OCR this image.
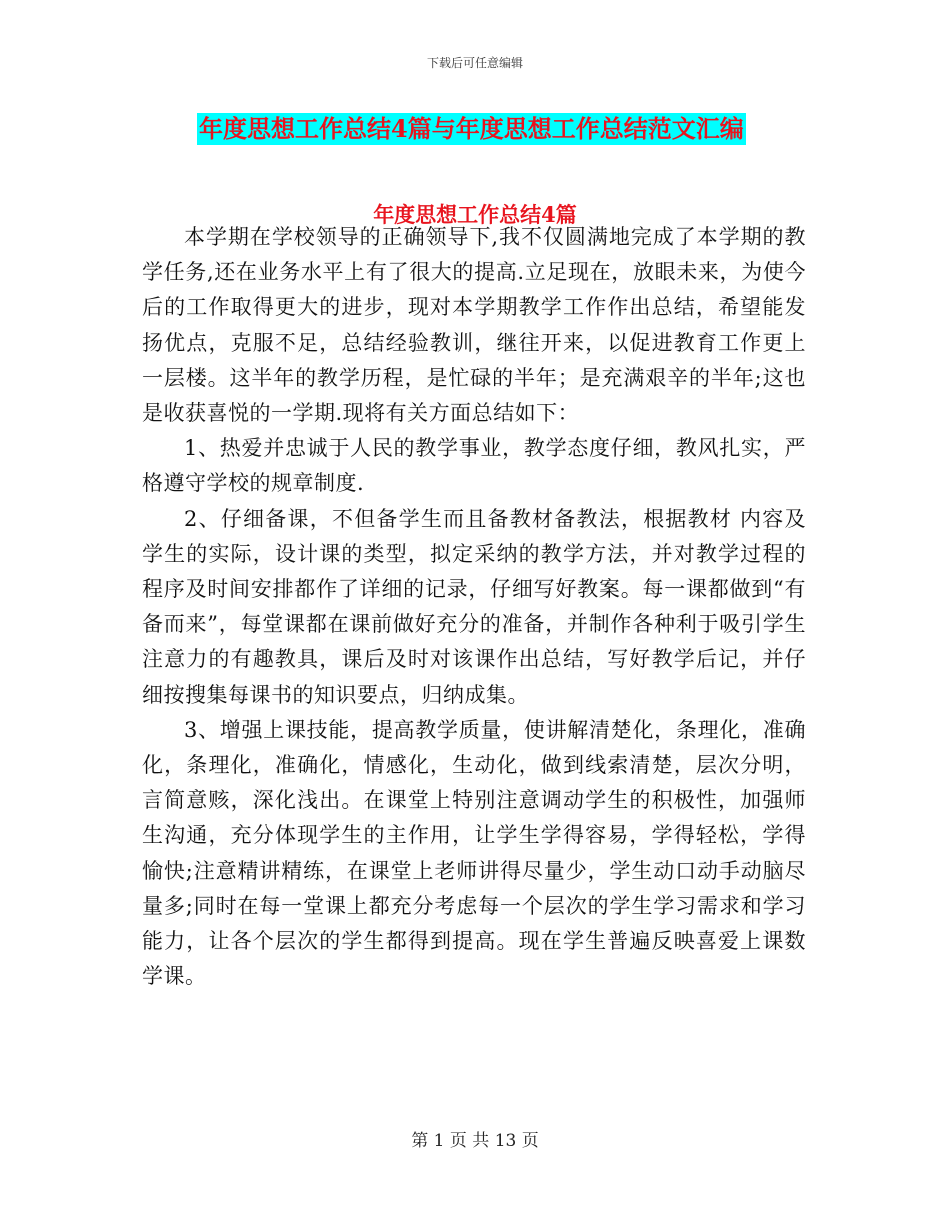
下载后可任意编辑
年度思想工作总结4篇与年度思想工作总结范文汇编
年度思想工作总结4篇

本学期在学校领导的正确领导下,我不仅圆满地完成了本学期的教学任务,还在业务水平上有了很大的提高.立足现在，放眼未来，为使今后的工作取得更大的进步，现对本学期教学工作作出总结，希望能发扬优点，克服不足，总结经验教训，继往开来，以促进教育工作更上一层楼。这半年的教学历程，是忙碌的半年；是充满艰辛的半年;这也是收获喜悦的一学期.现将有关方面总结如下：

1、热爱并忠诚于人民的教学事业，教学态度仔细，教风扎实，严格遵守学校的规章制度.

2、仔细备课，不但备学生而且备教材备教法，根据教材 内容及学生的实际，设计课的类型，拟定采纳的教学方法，并对教学过程的程序及时间安排都作了详细的记录，仔细写好教案。每一课都做到“有备而来”，每堂课都在课前做好充分的准备，并制作各种利于吸引学生注意力的有趣教具，课后及时对该课作出总结，写好教学后记，并仔细按搜集每课书的知识要点，归纳成集。

3、增强上课技能，提高教学质量，使讲解清楚化，条理化，准确化，条理化，准确化，情感化，生动化，做到线索清楚，层次分明，言简意赅，深化浅出。在课堂上特别注意调动学生的积极性，加强师生沟通，充分体现学生的主作用，让学生学得容易，学得轻松，学得愉快;注意精讲精练，在课堂上老师讲得尽量少，学生动口动手动脑尽量多;同时在每一堂课上都充分考虑每一个层次的学生学习需求和学习能力，让各个层次的学生都得到提高。现在学生普遍反映喜爱上课数学课。

第 1 页 共 13 页
